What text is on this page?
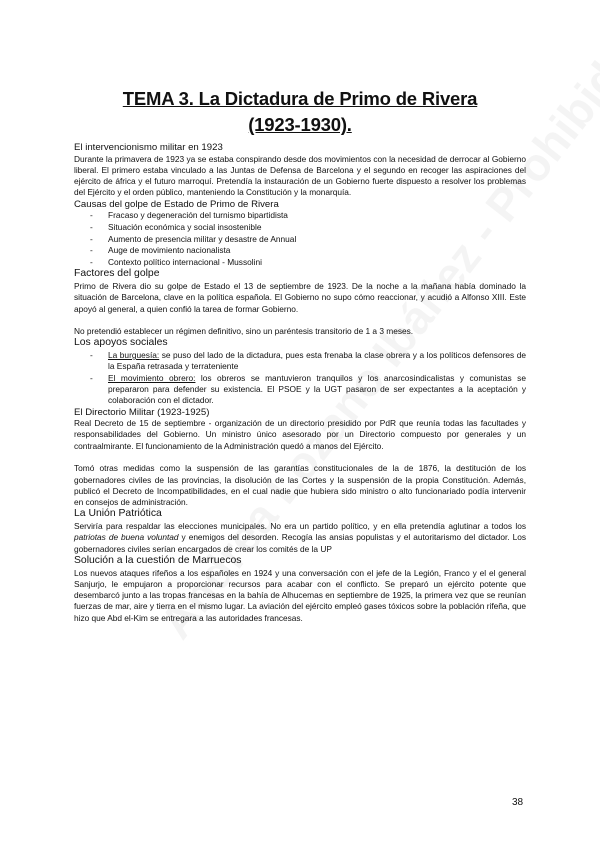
TEMA 3. La Dictadura de Primo de Rivera
(1923-1930).

El intervencionismo militar en 1923

Durante la primavera de 1923 ya se estaba conspirando desde dos movimientos con la necesidad de derrocar al Gobierno liberal. El primero estaba vinculado a las Juntas de Defensa de Barcelona y el segundo en recoger las aspiraciones del ejército de áfrica y el futuro marroquí. Pretendía la instauración de un Gobierno fuerte dispuesto a resolver los problemas del Ejército y el orden público, manteniendo la Constitución y la monarquía.

Causas del golpe de Estado de Primo de Rivera

- Fracaso y degeneración del turnismo bipartidista
- Situación económica y social insostenible
- Aumento de presencia militar y desastre de Annual
- Auge de movimiento nacionalista
- Contexto político internacional - Mussolini

Factores del golpe

Primo de Rivera dio su golpe de Estado el 13 de septiembre de 1923. De la noche a la mañana había dominado la situación de Barcelona, clave en la política española. El Gobierno no supo cómo reaccionar, y acudió a Alfonso XIII. Este apoyó al general, a quien confió la tarea de formar Gobierno.

No pretendió establecer un régimen definitivo, sino un paréntesis transitorio de 1 a 3 meses.

Los apoyos sociales

- La burguesía: se puso del lado de la dictadura, pues esta frenaba la clase obrera y a los políticos defensores de la España retrasada y terrateniente
- El movimiento obrero: los obreros se mantuvieron tranquilos y los anarcosindicalistas y comunistas se prepararon para defender su existencia. El PSOE y la UGT pasaron de ser expectantes a la aceptación y colaboración con el dictador.

El Directorio Militar (1923-1925)

Real Decreto de 15 de septiembre - organización de un directorio presidido por PdR que reunía todas las facultades y responsabilidades del Gobierno. Un ministro único asesorado por un Directorio compuesto por generales y un contraalmirante. El funcionamiento de la Administración quedó a manos del Ejército.

Tomó otras medidas como la suspensión de las garantías constitucionales de la de 1876, la destitución de los gobernadores civiles de las provincias, la disolución de las Cortes y la suspensión de la propia Constitución. Además, publicó el Decreto de Incompatibilidades, en el cual nadie que hubiera sido ministro o alto funcionariado podía intervenir en consejos de administración.

La Unión Patriótica

Serviría para respaldar las elecciones municipales. No era un partido político, y en ella pretendía aglutinar a todos los patriotas de buena voluntad y enemigos del desorden. Recogía las ansias populistas y el autoritarismo del dictador. Los gobernadores civiles serían encargados de crear los comités de la UP

Solución a la cuestión de Marruecos

Los nuevos ataques rifeños a los españoles en 1924 y una conversación con el jefe de la Legión, Franco y el el general Sanjurjo, le empujaron a proporcionar recursos para acabar con el conflicto. Se preparó un ejército potente que desembarcó junto a las tropas francesas en la bahía de Alhucemas en septiembre de 1925, la primera vez que se reunían fuerzas de mar, aire y tierra en el mismo lugar. La aviación del ejército empleó gases tóxicos sobre la población rifeña, que hizo que Abd el-Kim se entregara a las autoridades francesas.

38
